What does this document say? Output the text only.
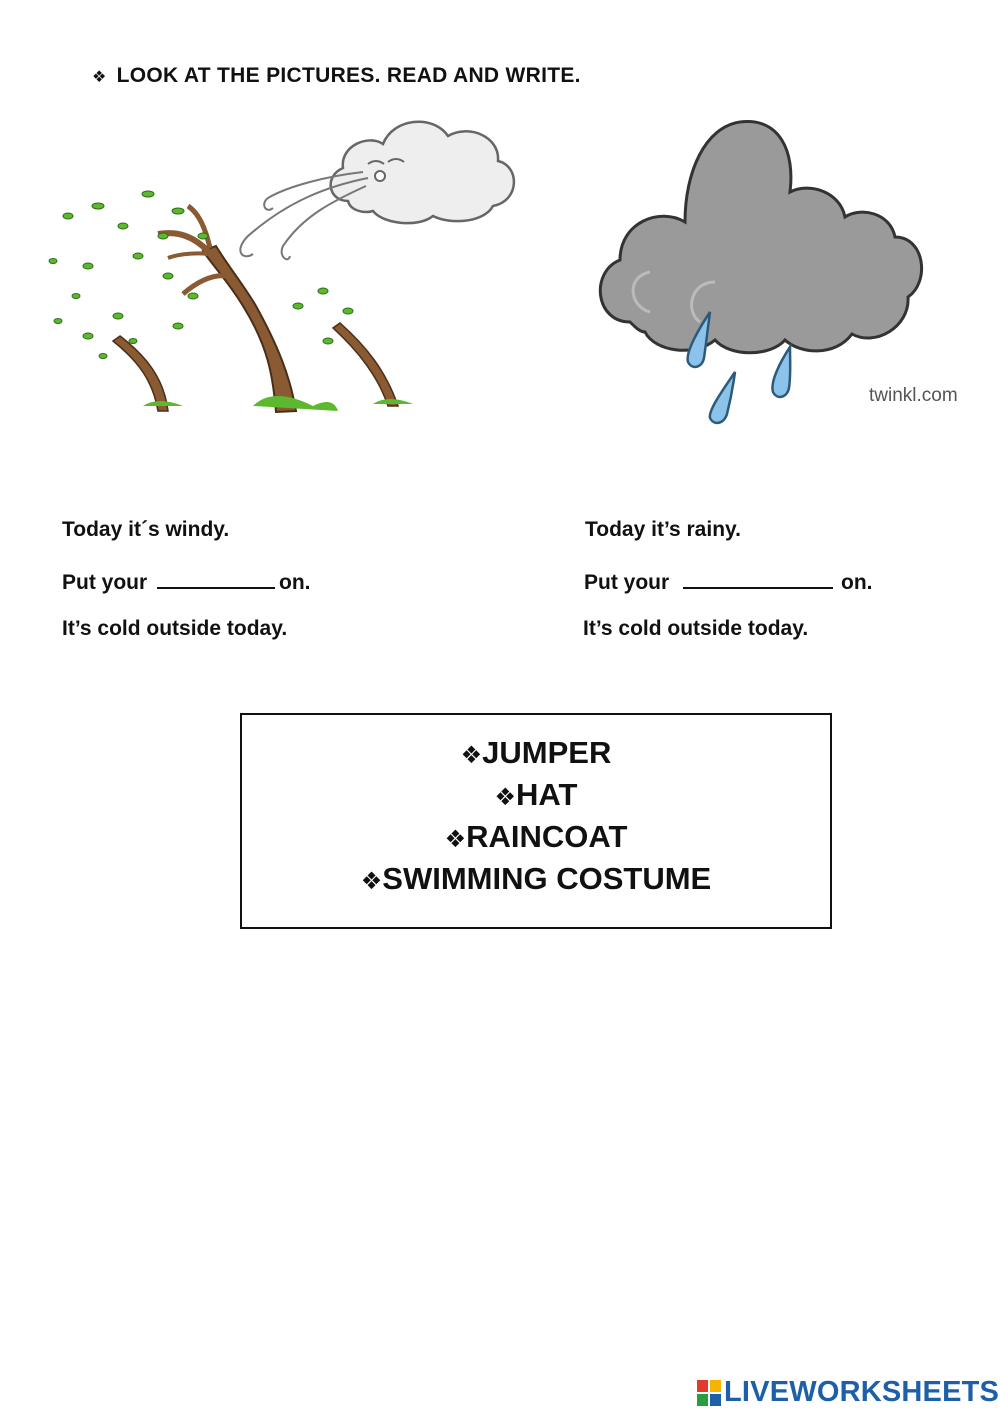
❖ LOOK AT THE PICTURES. READ AND WRITE.
twinkl.com
Today it´s windy.
Put your	on.
It’s cold outside today.
Today it’s rainy.
Put your	on.
It’s cold outside today.
❖JUMPER
❖HAT
❖RAINCOAT
❖SWIMMING COSTUME
LIVEWORKSHEETS
